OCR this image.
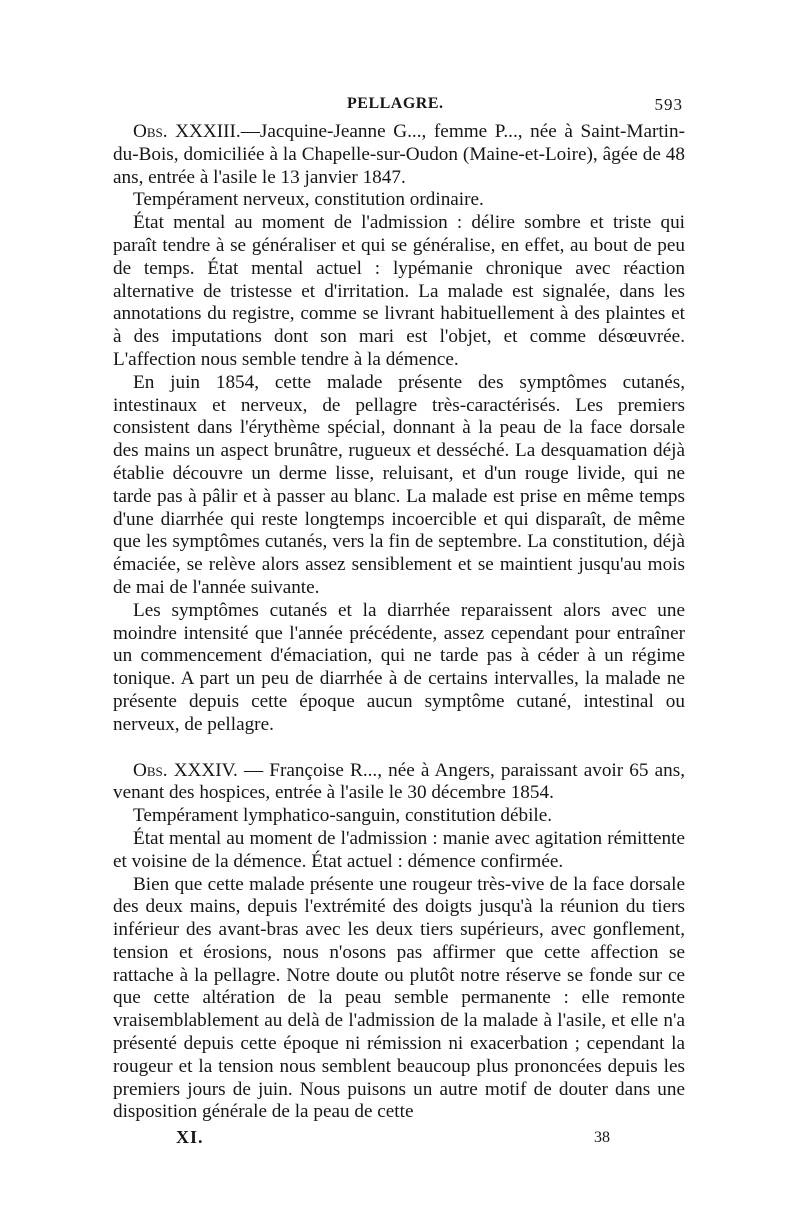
PELLAGRE.	593

Obs. XXXIII.—Jacquine-Jeanne G..., femme P..., née à Saint-Martin-du-Bois, domiciliée à la Chapelle-sur-Oudon (Maine-et-Loire), âgée de 48 ans, entrée à l'asile le 13 janvier 1847.

Tempérament nerveux, constitution ordinaire.

État mental au moment de l'admission : délire sombre et triste qui paraît tendre à se généraliser et qui se généralise, en effet, au bout de peu de temps. État mental actuel : lypémanie chronique avec réaction alternative de tristesse et d'irritation. La malade est signalée, dans les annotations du registre, comme se livrant habituellement à des plaintes et à des imputations dont son mari est l'objet, et comme désœuvrée. L'affection nous semble tendre à la démence.

En juin 1854, cette malade présente des symptômes cutanés, intestinaux et nerveux, de pellagre très-caractérisés. Les premiers consistent dans l'érythème spécial, donnant à la peau de la face dorsale des mains un aspect brunâtre, rugueux et desséché. La desquamation déjà établie découvre un derme lisse, reluisant, et d'un rouge livide, qui ne tarde pas à pâlir et à passer au blanc. La malade est prise en même temps d'une diarrhée qui reste longtemps incoercible et qui disparaît, de même que les symptômes cutanés, vers la fin de septembre. La constitution, déjà émaciée, se relève alors assez sensiblement et se maintient jusqu'au mois de mai de l'année suivante.

Les symptômes cutanés et la diarrhée reparaissent alors avec une moindre intensité que l'année précédente, assez cependant pour entraîner un commencement d'émaciation, qui ne tarde pas à céder à un régime tonique. A part un peu de diarrhée à de certains intervalles, la malade ne présente depuis cette époque aucun symptôme cutané, intestinal ou nerveux, de pellagre.

Obs. XXXIV. — Françoise R..., née à Angers, paraissant avoir 65 ans, venant des hospices, entrée à l'asile le 30 décembre 1854.

Tempérament lymphatico-sanguin, constitution débile.

État mental au moment de l'admission : manie avec agitation rémittente et voisine de la démence. État actuel : démence confirmée.

Bien que cette malade présente une rougeur très-vive de la face dorsale des deux mains, depuis l'extrémité des doigts jusqu'à la réunion du tiers inférieur des avant-bras avec les deux tiers supérieurs, avec gonflement, tension et érosions, nous n'osons pas affirmer que cette affection se rattache à la pellagre. Notre doute ou plutôt notre réserve se fonde sur ce que cette altération de la peau semble permanente : elle remonte vraisemblablement au delà de l'admission de la malade à l'asile, et elle n'a présenté depuis cette époque ni rémission ni exacerbation ; cependant la rougeur et la tension nous semblent beaucoup plus prononcées depuis les premiers jours de juin. Nous puisons un autre motif de douter dans une disposition générale de la peau de cette

XI.	38
